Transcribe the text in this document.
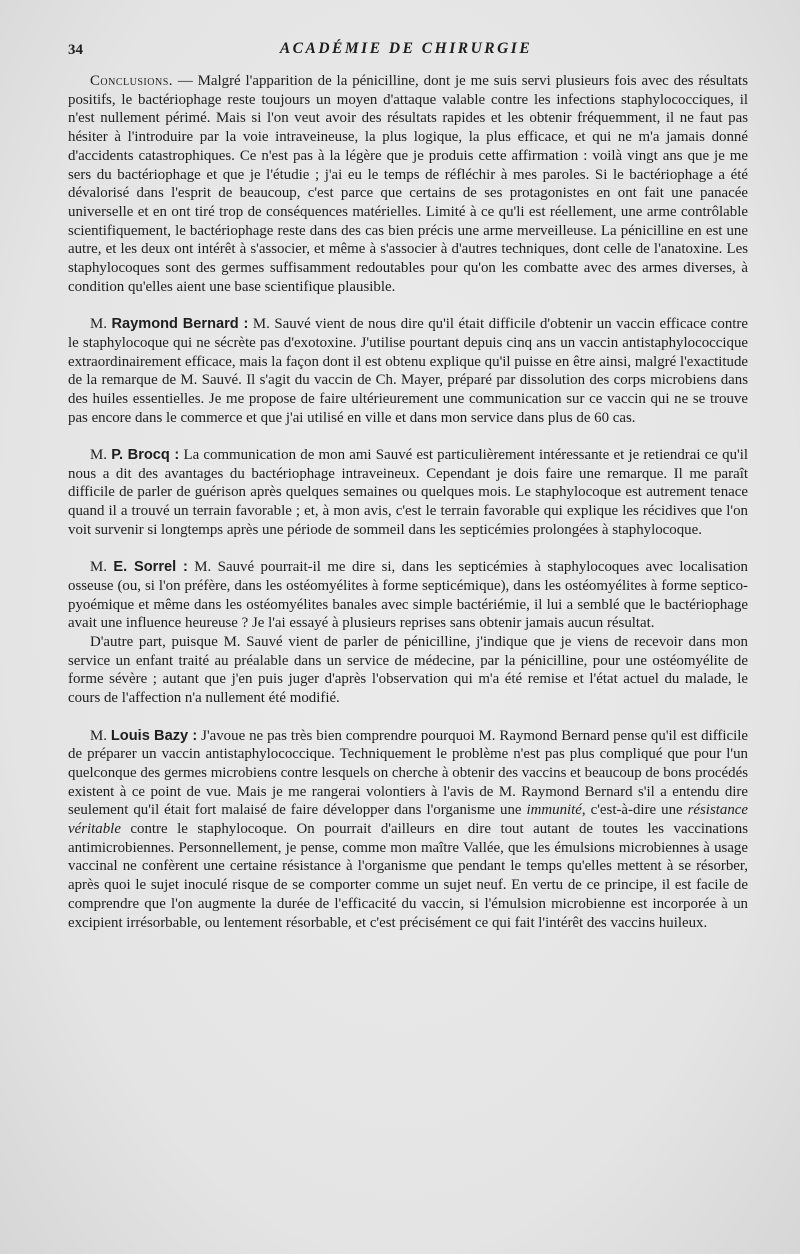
34	ACADÉMIE DE CHIRURGIE

Conclusions. — Malgré l'apparition de la pénicilline, dont je me suis servi plusieurs fois avec des résultats positifs, le bactériophage reste toujours un moyen d'attaque valable contre les infections staphylococciques, il n'est nullement périmé. Mais si l'on veut avoir des résultats rapides et les obtenir fréquemment, il ne faut pas hésiter à l'introduire par la voie intraveineuse, la plus logique, la plus efficace, et qui ne m'a jamais donné d'accidents catastrophiques. Ce n'est pas à la légère que je produis cette affirmation : voilà vingt ans que je me sers du bactériophage et que je l'étudie ; j'ai eu le temps de réfléchir à mes paroles. Si le bactériophage a été dévalorisé dans l'esprit de beaucoup, c'est parce que certains de ses protagonistes en ont fait une panacée universelle et en ont tiré trop de conséquences matérielles. Limité à ce qu'li est réellement, une arme contrôlable scientifiquement, le bactériophage reste dans des cas bien précis une arme merveilleuse. La pénicilline en est une autre, et les deux ont intérêt à s'associer, et même à s'associer à d'autres techniques, dont celle de l'anatoxine. Les staphylocoques sont des germes suffisamment redoutables pour qu'on les combatte avec des armes diverses, à condition qu'elles aient une base scientifique plausible.

M. Raymond Bernard : M. Sauvé vient de nous dire qu'il était difficile d'obtenir un vaccin efficace contre le staphylocoque qui ne sécrète pas d'exotoxine. J'utilise pourtant depuis cinq ans un vaccin antistaphylococcique extraordinairement efficace, mais la façon dont il est obtenu explique qu'il puisse en être ainsi, malgré l'exactitude de la remarque de M. Sauvé. Il s'agit du vaccin de Ch. Mayer, préparé par dissolution des corps microbiens dans des huiles essentielles. Je me propose de faire ultérieurement une communication sur ce vaccin qui ne se trouve pas encore dans le commerce et que j'ai utilisé en ville et dans mon service dans plus de 60 cas.

M. P. Brocq : La communication de mon ami Sauvé est particulièrement intéressante et je retiendrai ce qu'il nous a dit des avantages du bactériophage intraveineux. Cependant je dois faire une remarque. Il me paraît difficile de parler de guérison après quelques semaines ou quelques mois. Le staphylocoque est autrement tenace quand il a trouvé un terrain favorable ; et, à mon avis, c'est le terrain favorable qui explique les récidives que l'on voit survenir si longtemps après une période de sommeil dans les septicémies prolongées à staphylocoque.

M. E. Sorrel : M. Sauvé pourrait-il me dire si, dans les septicémies à staphylocoques avec localisation osseuse (ou, si l'on préfère, dans les ostéomyélites à forme septicémique), dans les ostéomyélites à forme septico-pyoémique et même dans les ostéomyélites banales avec simple bactériémie, il lui a semblé que le bactériophage avait une influence heureuse ? Je l'ai essayé à plusieurs reprises sans obtenir jamais aucun résultat.

D'autre part, puisque M. Sauvé vient de parler de pénicilline, j'indique que je viens de recevoir dans mon service un enfant traité au préalable dans un service de médecine, par la pénicilline, pour une ostéomyélite de forme sévère ; autant que j'en puis juger d'après l'observation qui m'a été remise et l'état actuel du malade, le cours de l'affection n'a nullement été modifié.

M. Louis Bazy : J'avoue ne pas très bien comprendre pourquoi M. Raymond Bernard pense qu'il est difficile de préparer un vaccin antistaphylococcique. Techniquement le problème n'est pas plus compliqué que pour l'un quelconque des germes microbiens contre lesquels on cherche à obtenir des vaccins et beaucoup de bons procédés existent à ce point de vue. Mais je me rangerai volontiers à l'avis de M. Raymond Bernard s'il a entendu dire seulement qu'il était fort malaisé de faire développer dans l'organisme une immunité, c'est-à-dire une résistance véritable contre le staphylocoque. On pourrait d'ailleurs en dire tout autant de toutes les vaccinations antimicrobiennes. Personnellement, je pense, comme mon maître Vallée, que les émulsions microbiennes à usage vaccinal ne confèrent une certaine résistance à l'organisme que pendant le temps qu'elles mettent à se résorber, après quoi le sujet inoculé risque de se comporter comme un sujet neuf. En vertu de ce principe, il est facile de comprendre que l'on augmente la durée de l'efficacité du vaccin, si l'émulsion microbienne est incorporée à un excipient irrésorbable, ou lentement résorbable, et c'est précisément ce qui fait l'intérêt des vaccins huileux.
